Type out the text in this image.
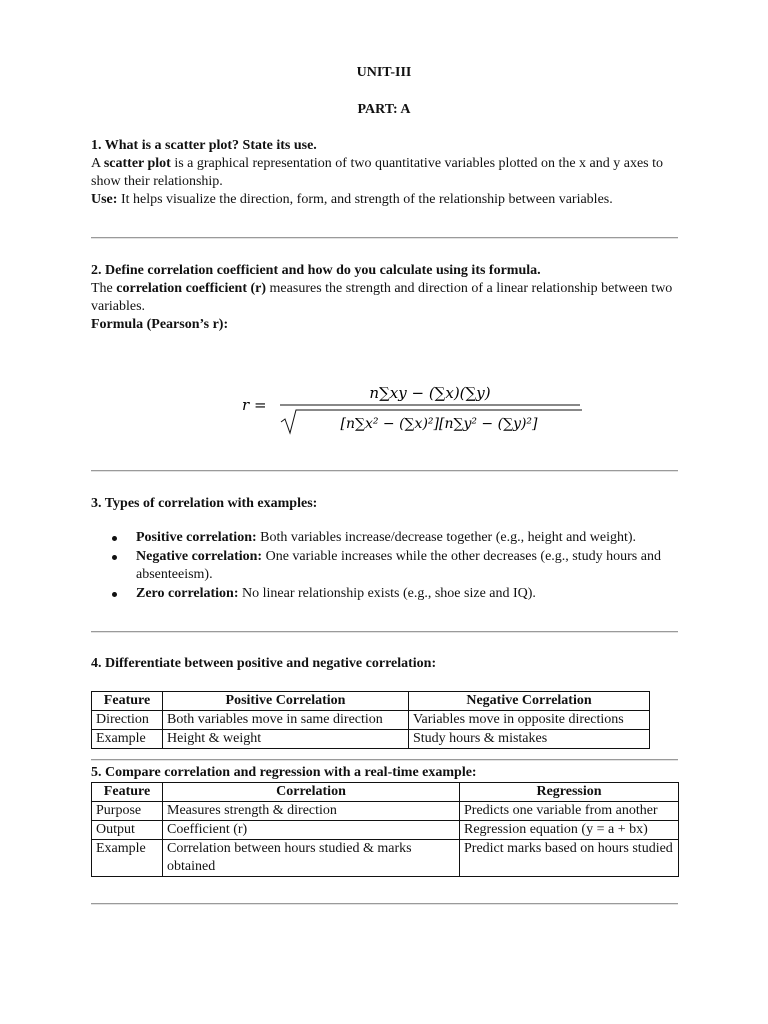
UNIT-III
PART: A
1. What is a scatter plot? State its use.
A scatter plot is a graphical representation of two quantitative variables plotted on the x and y axes to show their relationship.
Use: It helps visualize the direction, form, and strength of the relationship between variables.
2. Define correlation coefficient and how do you calculate using its formula.
The correlation coefficient (r) measures the strength and direction of a linear relationship between two variables.
Formula (Pearson’s r):
r =
n∑xy − (∑x)(∑y)
[n∑x² − (∑x)²][n∑y² − (∑y)²]
3. Types of correlation with examples:
Positive correlation: Both variables increase/decrease together (e.g., height and weight).
Negative correlation: One variable increases while the other decreases (e.g., study hours and absenteeism).
Zero correlation: No linear relationship exists (e.g., shoe size and IQ).
4. Differentiate between positive and negative correlation:
Feature	Positive Correlation	Negative Correlation
Direction	Both variables move in same direction	Variables move in opposite directions
Example	Height & weight	Study hours & mistakes
5. Compare correlation and regression with a real-time example:
Feature	Correlation	Regression
Purpose	Measures strength & direction	Predicts one variable from another
Output	Coefficient (r)	Regression equation (y = a + bx)
Example	Correlation between hours studied & marks obtained	Predict marks based on hours studied
